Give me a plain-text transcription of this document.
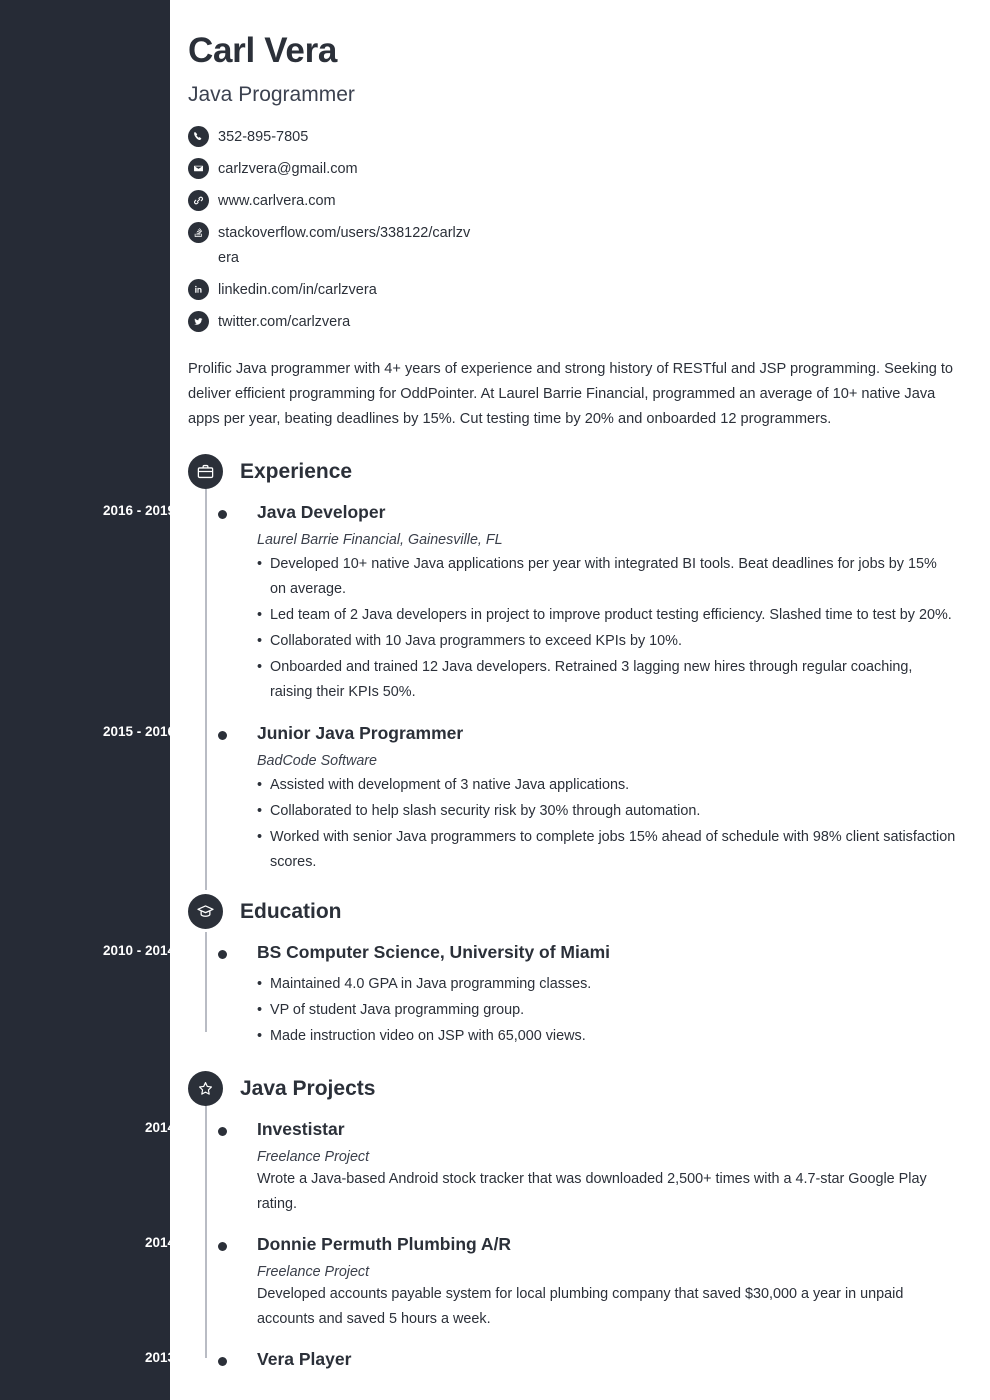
Carl Vera
Java Programmer
352-895-7805
carlzvera@gmail.com
www.carlvera.com
stackoverflow.com/users/338122/carlzvera
linkedin.com/in/carlzvera
twitter.com/carlzvera

Prolific Java programmer with 4+ years of experience and strong history of RESTful and JSP programming. Seeking to deliver efficient programming for OddPointer. At Laurel Barrie Financial, programmed an average of 10+ native Java apps per year, beating deadlines by 15%. Cut testing time by 20% and onboarded 12 programmers.

Experience
2016 - 2019	Java Developer
Laurel Barrie Financial, Gainesville, FL
• Developed 10+ native Java applications per year with integrated BI tools. Beat deadlines for jobs by 15% on average.
• Led team of 2 Java developers in project to improve product testing efficiency. Slashed time to test by 20%.
• Collaborated with 10 Java programmers to exceed KPIs by 10%.
• Onboarded and trained 12 Java developers. Retrained 3 lagging new hires through regular coaching, raising their KPIs 50%.
2015 - 2016	Junior Java Programmer
BadCode Software
• Assisted with development of 3 native Java applications.
• Collaborated to help slash security risk by 30% through automation.
• Worked with senior Java programmers to complete jobs 15% ahead of schedule with 98% client satisfaction scores.
Education
2010 - 2014	BS Computer Science, University of Miami
• Maintained 4.0 GPA in Java programming classes.
• VP of student Java programming group.
• Made instruction video on JSP with 65,000 views.
Java Projects
2014	Investistar
Freelance Project
Wrote a Java-based Android stock tracker that was downloaded 2,500+ times with a 4.7-star Google Play rating.
2014	Donnie Permuth Plumbing A/R
Freelance Project
Developed accounts payable system for local plumbing company that saved $30,000 a year in unpaid accounts and saved 5 hours a week.
2013	Vera Player
